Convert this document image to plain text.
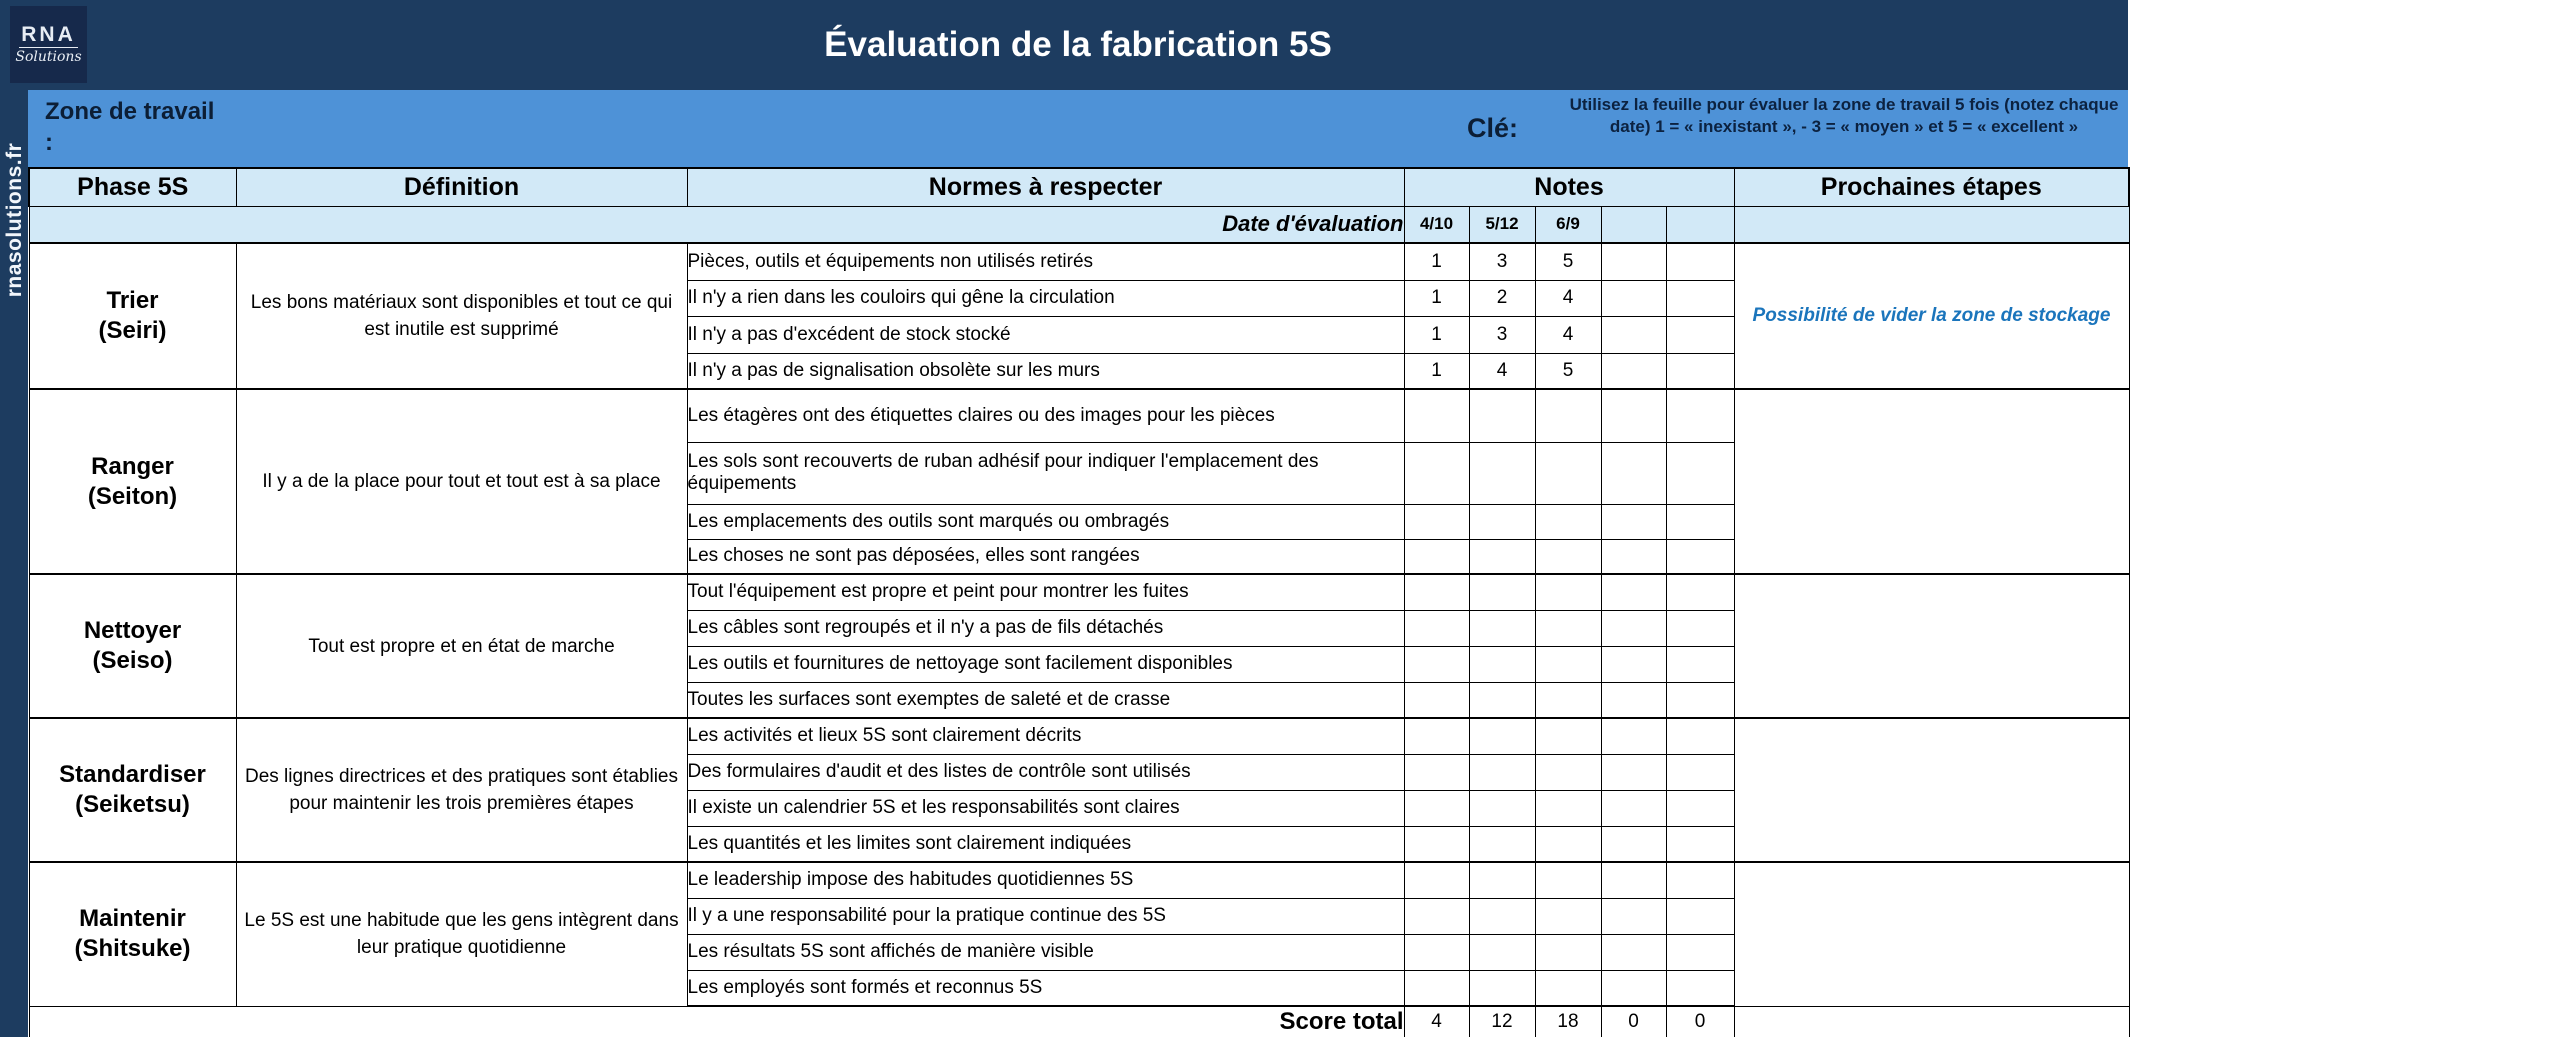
rnasolutions.fr
Évaluation de la fabrication 5S
RNA
Solutions
Zone de travail :	Clé:
Utilisez la feuille pour évaluer la zone de travail 5 fois (notez chaque date) 1 = « inexistant », - 3 = « moyen » et 5 = « excellent »
Phase 5S	Définition	Normes à respecter	Notes					Prochaines étapes
Date d'évaluation			4/10	5/12	6/9			

Trier
(Seiri)	Les bons matériaux sont disponibles et tout ce qui est inutile est supprimé	Pièces, outils et équipements non utilisés retirés	1	3	5			Possibilité de vider la zone de stockage
		Il n'y a rien dans les couloirs qui gêne la circulation	1	2	4			
		Il n'y a pas d'excédent de stock stocké	1	3	4			
		Il n'y a pas de signalisation obsolète sur les murs	1	4	5			

Ranger
(Seiton)	Il y a de la place pour tout et tout est à sa place	Les étagères ont des étiquettes claires ou des images pour les pièces						
		Les sols sont recouverts de ruban adhésif pour indiquer l'emplacement des équipements						
		Les emplacements des outils sont marqués ou ombragés						
		Les choses ne sont pas déposées, elles sont rangées						

Nettoyer
(Seiso)	Tout est propre et en état de marche	Tout l'équipement est propre et peint pour montrer les fuites						
		Les câbles sont regroupés et il n'y a pas de fils détachés						
		Les outils et fournitures de nettoyage sont facilement disponibles						
		Toutes les surfaces sont exemptes de saleté et de crasse						

Standardiser
(Seiketsu)	Des lignes directrices et des pratiques sont établies pour maintenir les trois premières étapes	Les activités et lieux 5S sont clairement décrits						
		Des formulaires d'audit et des listes de contrôle sont utilisés						
		Il existe un calendrier 5S et les responsabilités sont claires						
		Les quantités et les limites sont clairement indiquées						

Maintenir
(Shitsuke)	Le 5S est une habitude que les gens intègrent dans leur pratique quotidienne	Le leadership impose des habitudes quotidiennes 5S						
		Il y a une responsabilité pour la pratique continue des 5S						
		Les résultats 5S sont affichés de manière visible						
		Les employés sont formés et reconnus 5S						
Score total			4	12	18	0	0	
